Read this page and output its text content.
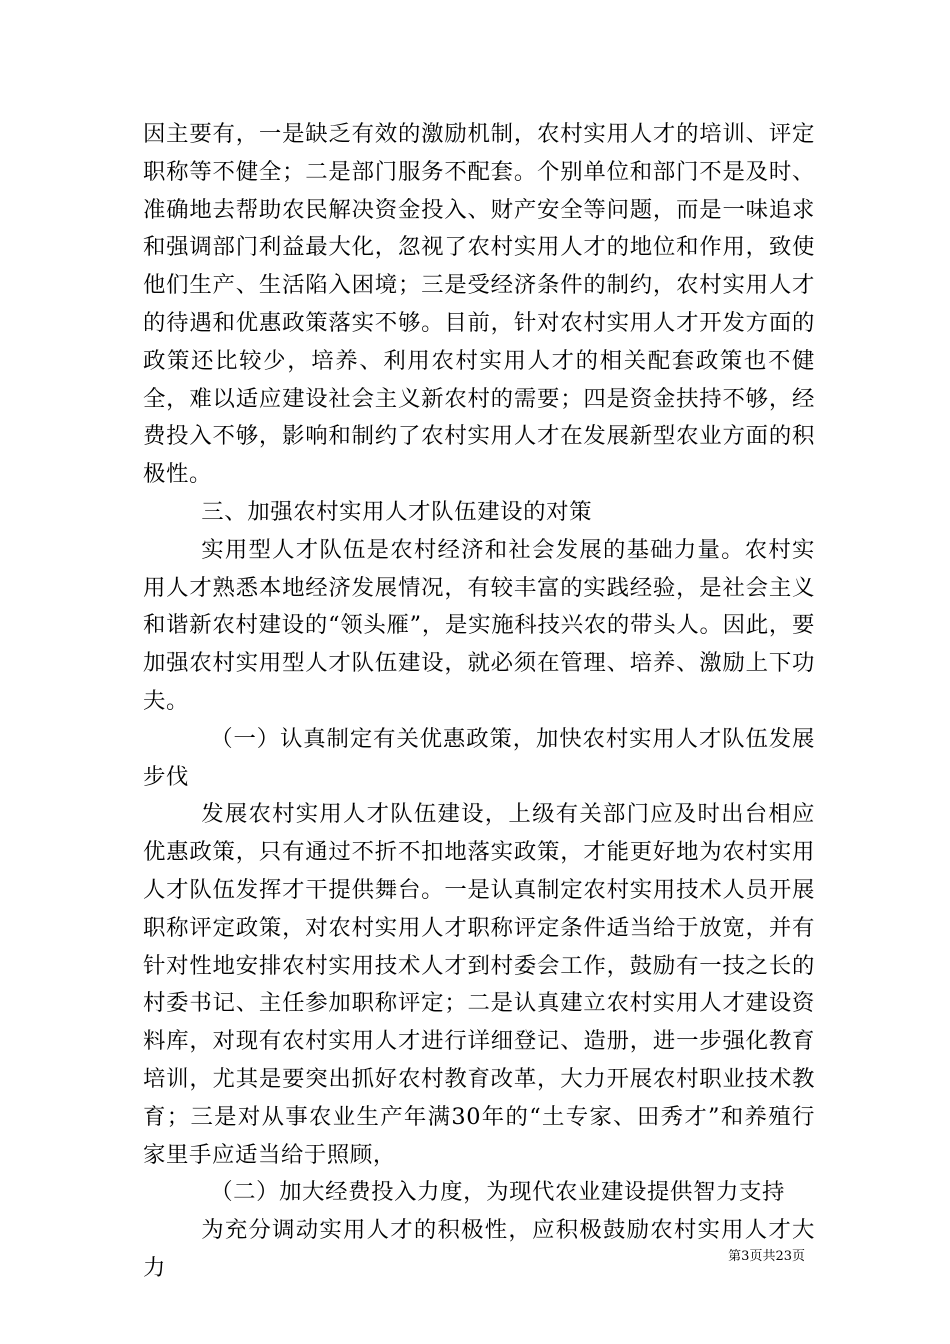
因主要有，一是缺乏有效的激励机制，农村实用人才的培训、评定职称等不健全；二是部门服务不配套。个别单位和部门不是及时、准确地去帮助农民解决资金投入、财产安全等问题，而是一味追求和强调部门利益最大化，忽视了农村实用人才的地位和作用，致使他们生产、生活陷入困境；三是受经济条件的制约，农村实用人才的待遇和优惠政策落实不够。目前，针对农村实用人才开发方面的政策还比较少，培养、利用农村实用人才的相关配套政策也不健全，难以适应建设社会主义新农村的需要；四是资金扶持不够，经费投入不够，影响和制约了农村实用人才在发展新型农业方面的积极性。

三、加强农村实用人才队伍建设的对策

实用型人才队伍是农村经济和社会发展的基础力量。农村实用人才熟悉本地经济发展情况，有较丰富的实践经验，是社会主义和谐新农村建设的“领头雁”，是实施科技兴农的带头人。因此，要加强农村实用型人才队伍建设，就必须在管理、培养、激励上下功夫。

（一）认真制定有关优惠政策，加快农村实用人才队伍发展步伐

发展农村实用人才队伍建设，上级有关部门应及时出台相应优惠政策，只有通过不折不扣地落实政策，才能更好地为农村实用人才队伍发挥才干提供舞台。一是认真制定农村实用技术人员开展职称评定政策，对农村实用人才职称评定条件适当给于放宽，并有针对性地安排农村实用技术人才到村委会工作，鼓励有一技之长的村委书记、主任参加职称评定；二是认真建立农村实用人才建设资料库，对现有农村实用人才进行详细登记、造册，进一步强化教育培训，尤其是要突出抓好农村教育改革，大力开展农村职业技术教育；三是对从事农业生产年满30年的“土专家、田秀才”和养殖行家里手应适当给于照顾，

（二）加大经费投入力度，为现代农业建设提供智力支持

为充分调动实用人才的积极性，应积极鼓励农村实用人才大力	第3页共23页
